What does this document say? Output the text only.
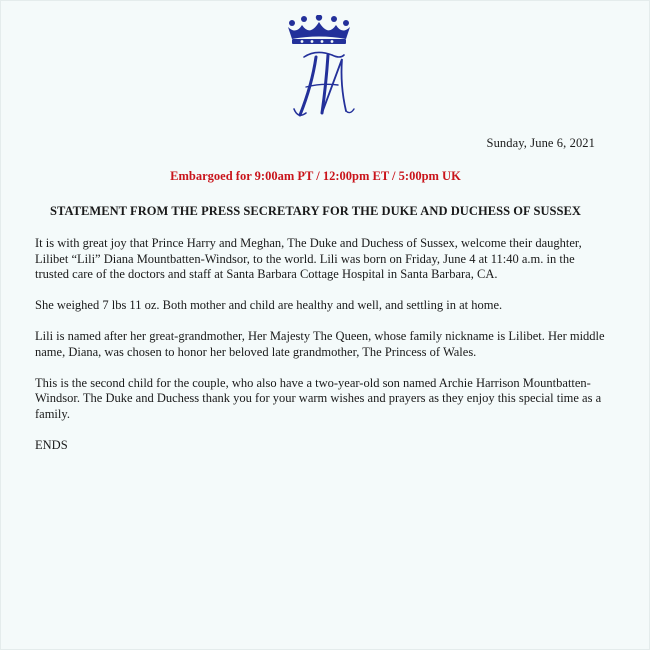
Sunday, June 6, 2021
Embargoed for 9:00am PT / 12:00pm ET / 5:00pm UK
STATEMENT FROM THE PRESS SECRETARY FOR THE DUKE AND DUCHESS OF SUSSEX

It is with great joy that Prince Harry and Meghan, The Duke and Duchess of Sussex, welcome their daughter, Lilibet “Lili” Diana Mountbatten-Windsor, to the world. Lili was born on Friday, June 4 at 11:40 a.m. in the trusted care of the doctors and staff at Santa Barbara Cottage Hospital in Santa Barbara, CA.

She weighed 7 lbs 11 oz. Both mother and child are healthy and well, and settling in at home.

Lili is named after her great-grandmother, Her Majesty The Queen, whose family nickname is Lilibet. Her middle name, Diana, was chosen to honor her beloved late grandmother, The Princess of Wales.

This is the second child for the couple, who also have a two-year-old son named Archie Harrison Mountbatten-Windsor. The Duke and Duchess thank you for your warm wishes and prayers as they enjoy this special time as a family.

ENDS
